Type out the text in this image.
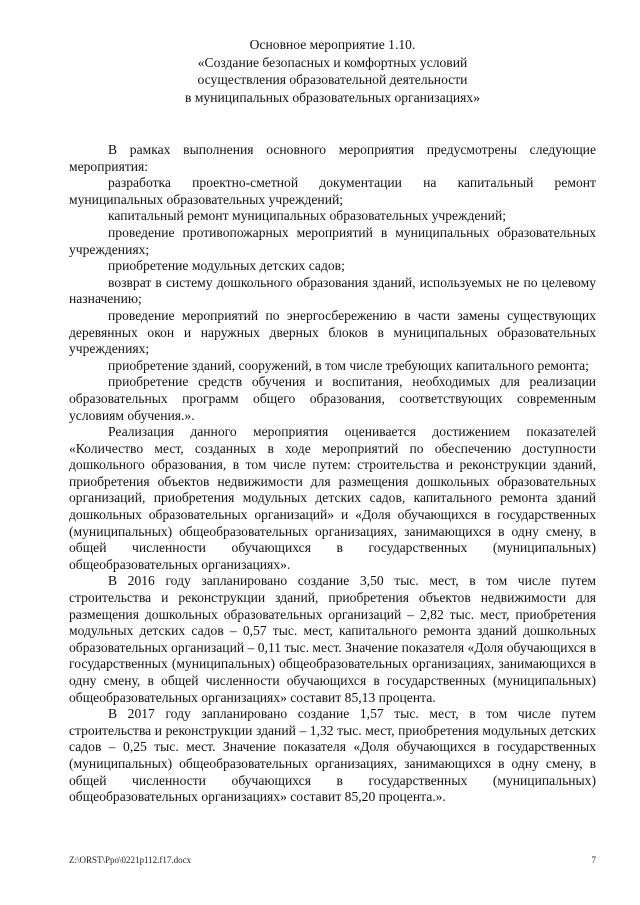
Основное мероприятие 1.10.
«Создание безопасных и комфортных условий
осуществления образовательной деятельности
в муниципальных образовательных организациях»

В рамках выполнения основного мероприятия предусмотрены следующие мероприятия:

разработка проектно-сметной документации на капитальный ремонт муниципальных образовательных учреждений;

капитальный ремонт муниципальных образовательных учреждений;

проведение противопожарных мероприятий в муниципальных образовательных учреждениях;

приобретение модульных детских садов;

возврат в систему дошкольного образования зданий, используемых не по целевому назначению;

проведение мероприятий по энергосбережению в части замены существующих деревянных окон и наружных дверных блоков в муниципальных образовательных учреждениях;

приобретение зданий, сооружений, в том числе требующих капитального ремонта;

приобретение средств обучения и воспитания, необходимых для реализации образовательных программ общего образования, соответствующих современным условиям обучения.».

Реализация данного мероприятия оценивается достижением показателей «Количество мест, созданных в ходе мероприятий по обеспечению доступности дошкольного образования, в том числе путем: строительства и реконструкции зданий, приобретения объектов недвижимости для размещения дошкольных образовательных организаций, приобретения модульных детских садов, капитального ремонта зданий дошкольных образовательных организаций» и «Доля обучающихся в государственных (муниципальных) общеобразовательных организациях, занимающихся в одну смену, в общей численности обучающихся в государственных (муниципальных) общеобразовательных организациях».

В 2016 году запланировано создание 3,50 тыс. мест, в том числе путем строительства и реконструкции зданий, приобретения объектов недвижимости для размещения дошкольных образовательных организаций – 2,82 тыс. мест, приобретения модульных детских садов – 0,57 тыс. мест, капитального ремонта зданий дошкольных образовательных организаций – 0,11 тыс. мест. Значение показателя «Доля обучающихся в государственных (муниципальных) общеобразовательных организациях, занимающихся в одну смену, в общей численности обучающихся в государственных (муниципальных) общеобразовательных организациях» составит 85,13 процента.

В 2017 году запланировано создание 1,57 тыс. мест, в том числе путем строительства и реконструкции зданий – 1,32 тыс. мест, приобретения модульных детских садов – 0,25 тыс. мест. Значение показателя «Доля обучающихся в государственных (муниципальных) общеобразовательных организациях, занимающихся в одну смену, в общей численности обучающихся в государственных (муниципальных) общеобразовательных организациях» составит 85,20 процента.».

Z:\ORST\Ppo\0221p112.f17.docx	7
